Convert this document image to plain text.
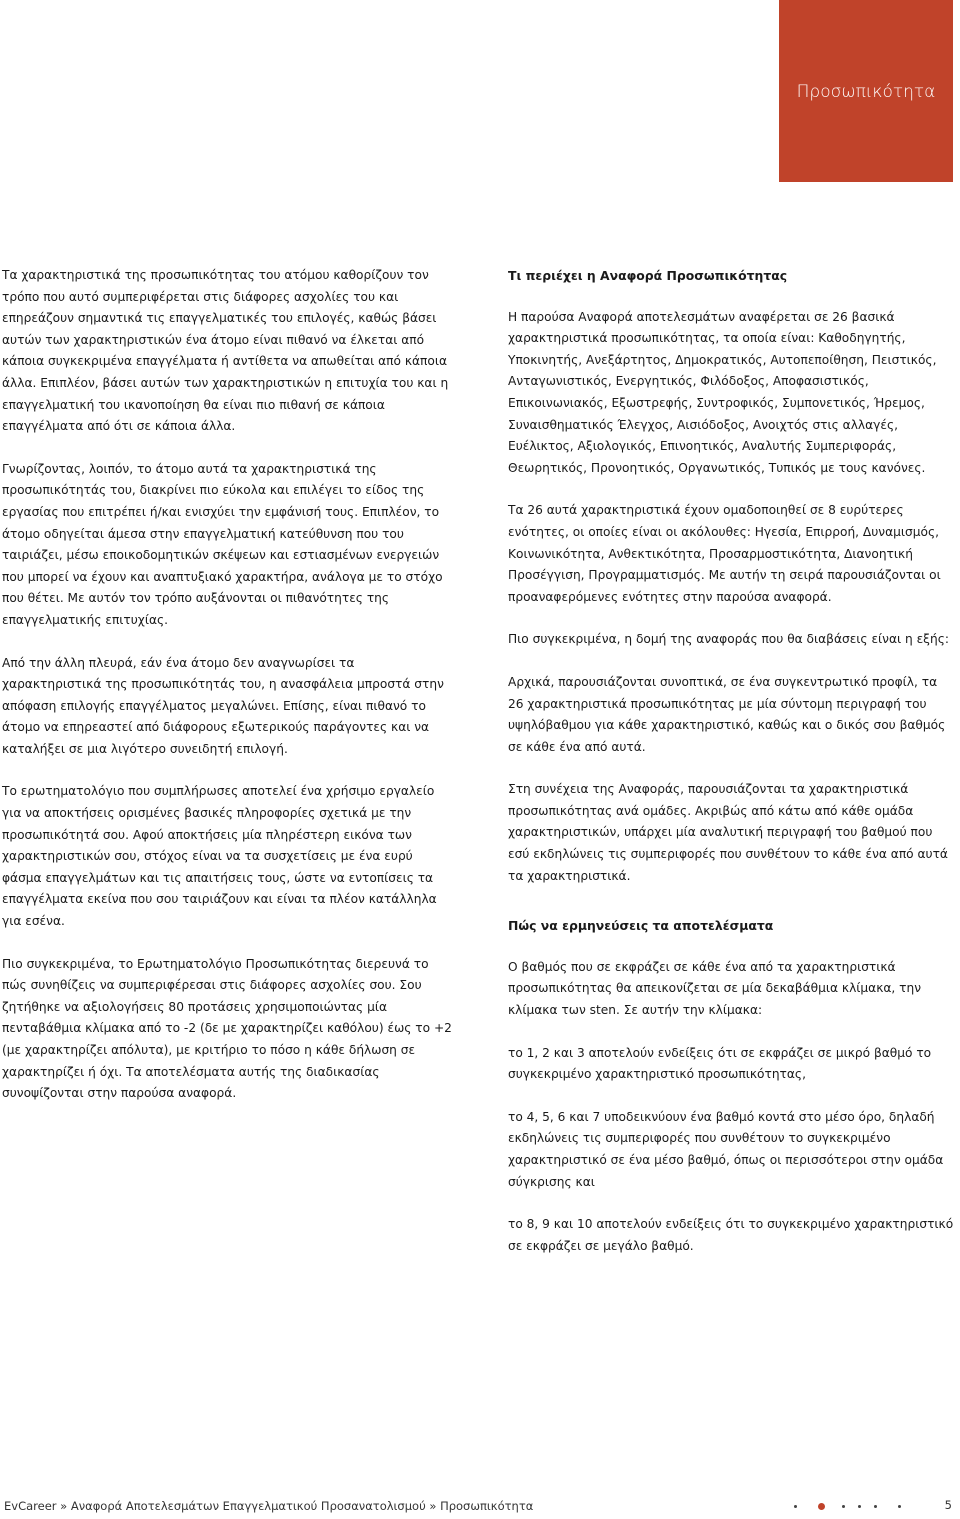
Προσωπικότητα

Τα χαρακτηριστικά της προσωπικότητας του ατόμου καθορίζουν τον τρόπο που αυτό συμπεριφέρεται στις διάφορες ασχολίες του και επηρεάζουν σημαντικά τις επαγγελματικές του επιλογές, καθώς βάσει αυτών των χαρακτηριστικών ένα άτομο είναι πιθανό να έλκεται από κάποια συγκεκριμένα επαγγέλματα ή αντίθετα να απωθείται από κάποια άλλα. Επιπλέον, βάσει αυτών των χαρακτηριστικών η επιτυχία του και η επαγγελματική του ικανοποίηση θα είναι πιο πιθανή σε κάποια επαγγέλματα από ότι σε κάποια άλλα.

Γνωρίζοντας, λοιπόν, το άτομο αυτά τα χαρακτηριστικά της προσωπικότητάς του, διακρίνει πιο εύκολα και επιλέγει το είδος της εργασίας που επιτρέπει ή/και ενισχύει την εμφάνισή τους. Επιπλέον, το άτομο οδηγείται άμεσα στην επαγγελματική κατεύθυνση που του ταιριάζει, μέσω εποικοδομητικών σκέψεων και εστιασμένων ενεργειών που μπορεί να έχουν και αναπτυξιακό χαρακτήρα, ανάλογα με το στόχο που θέτει. Με αυτόν τον τρόπο αυξάνονται οι πιθανότητες της επαγγελματικής επιτυχίας.

Από την άλλη πλευρά, εάν ένα άτομο δεν αναγνωρίσει τα χαρακτηριστικά της προσωπικότητάς του, η ανασφάλεια μπροστά στην απόφαση επιλογής επαγγέλματος μεγαλώνει. Επίσης, είναι πιθανό το άτομο να επηρεαστεί από διάφορους εξωτερικούς παράγοντες και να καταλήξει σε μια λιγότερο συνειδητή επιλογή.

Το ερωτηματολόγιο που συμπλήρωσες αποτελεί ένα χρήσιμο εργαλείο για να αποκτήσεις ορισμένες βασικές πληροφορίες σχετικά με την προσωπικότητά σου. Αφού αποκτήσεις μία πληρέστερη εικόνα των χαρακτηριστικών σου, στόχος είναι να τα συσχετίσεις με ένα ευρύ φάσμα επαγγελμάτων και τις απαιτήσεις τους, ώστε να εντοπίσεις τα επαγγέλματα εκείνα που σου ταιριάζουν και είναι τα πλέον κατάλληλα για εσένα.

Πιο συγκεκριμένα, το Ερωτηματολόγιο Προσωπικότητας διερευνά το πώς συνηθίζεις να συμπεριφέρεσαι στις διάφορες ασχολίες σου. Σου ζητήθηκε να αξιολογήσεις 80 προτάσεις χρησιμοποιώντας μία πενταβάθμια κλίμακα από το -2 (δε με χαρακτηρίζει καθόλου) έως το +2 (με χαρακτηρίζει απόλυτα), με κριτήριο το πόσο η κάθε δήλωση σε χαρακτηρίζει ή όχι. Τα αποτελέσματα αυτής της διαδικασίας συνοψίζονται στην παρούσα αναφορά.

Τι περιέχει η Αναφορά Προσωπικότητας

Η παρούσα Αναφορά αποτελεσμάτων αναφέρεται σε 26 βασικά χαρακτηριστικά προσωπικότητας, τα οποία είναι: Καθοδηγητής, Υποκινητής, Ανεξάρτητος, Δημοκρατικός, Αυτοπεποίθηση, Πειστικός, Ανταγωνιστικός, Ενεργητικός, Φιλόδοξος, Αποφασιστικός, Επικοινωνιακός, Εξωστρεφής, Συντροφικός, Συμπονετικός, Ήρεμος, Συναισθηματικός Έλεγχος, Αισιόδοξος, Ανοιχτός στις αλλαγές, Ευέλικτος, Αξιολογικός, Επινοητικός, Αναλυτής Συμπεριφοράς, Θεωρητικός, Προνοητικός, Οργανωτικός, Τυπικός με τους κανόνες.

Τα 26 αυτά χαρακτηριστικά έχουν ομαδοποιηθεί σε 8 ευρύτερες ενότητες, οι οποίες είναι οι ακόλουθες: Ηγεσία, Επιρροή, Δυναμισμός, Κοινωνικότητα, Ανθεκτικότητα, Προσαρμοστικότητα, Διανοητική Προσέγγιση, Προγραμματισμός. Με αυτήν τη σειρά παρουσιάζονται οι προαναφερόμενες ενότητες στην παρούσα αναφορά.

Πιο συγκεκριμένα, η δομή της αναφοράς που θα διαβάσεις είναι η εξής:

Αρχικά, παρουσιάζονται συνοπτικά, σε ένα συγκεντρωτικό προφίλ, τα 26 χαρακτηριστικά προσωπικότητας με μία σύντομη περιγραφή του υψηλόβαθμου για κάθε χαρακτηριστικό, καθώς και ο δικός σου βαθμός σε κάθε ένα από αυτά.

Στη συνέχεια της Αναφοράς, παρουσιάζονται τα χαρακτηριστικά προσωπικότητας ανά ομάδες. Ακριβώς από κάτω από κάθε ομάδα χαρακτηριστικών, υπάρχει μία αναλυτική περιγραφή του βαθμού που εσύ εκδηλώνεις τις συμπεριφορές που συνθέτουν το κάθε ένα από αυτά τα χαρακτηριστικά.

Πώς να ερμηνεύσεις τα αποτελέσματα

Ο βαθμός που σε εκφράζει σε κάθε ένα από τα χαρακτηριστικά προσωπικότητας θα απεικονίζεται σε μία δεκαβάθμια κλίμακα, την κλίμακα των sten. Σε αυτήν την κλίμακα:

το 1, 2 και 3 αποτελούν ενδείξεις ότι σε εκφράζει σε μικρό βαθμό το συγκεκριμένο χαρακτηριστικό προσωπικότητας,

το 4, 5, 6 και 7 υποδεικνύουν ένα βαθμό κοντά στο μέσο όρο, δηλαδή εκδηλώνεις τις συμπεριφορές που συνθέτουν το συγκεκριμένο χαρακτηριστικό σε ένα μέσο βαθμό, όπως οι περισσότεροι στην ομάδα σύγκρισης και

το 8, 9 και 10 αποτελούν ενδείξεις ότι το συγκεκριμένο χαρακτηριστικό σε εκφράζει σε μεγάλο βαθμό.

EvCareer » Αναφορά Αποτελεσμάτων Επαγγελματικού Προσανατολισμού » Προσωπικότητα	5
